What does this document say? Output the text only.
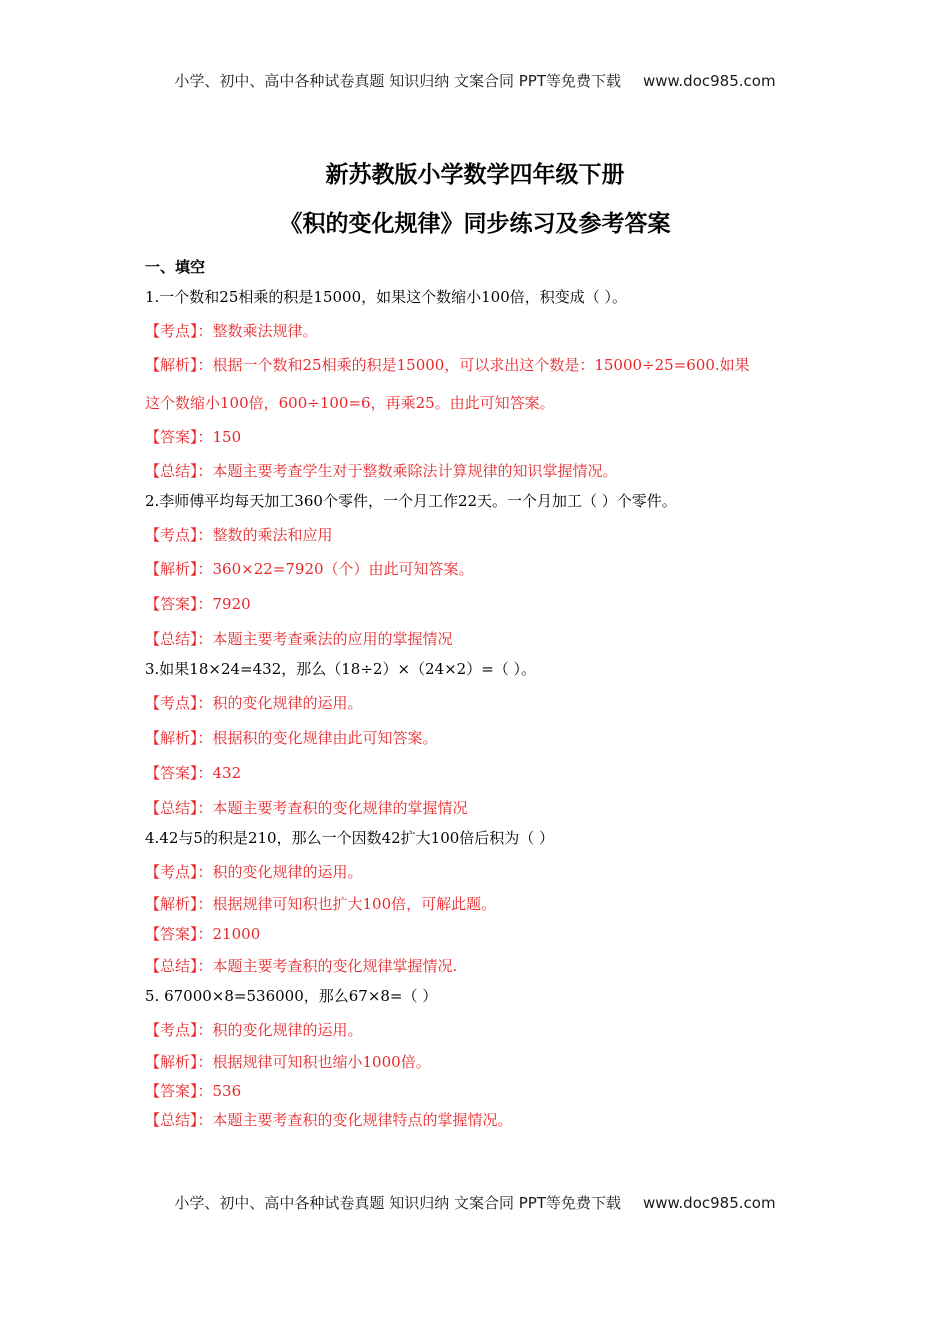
小学、初中、高中各种试卷真题 知识归纳 文案合同 PPT等免费下载 www.doc985.com
新苏教版小学数学四年级下册
《积的变化规律》同步练习及参考答案
一、填空
1.一个数和25相乘的积是15000，如果这个数缩小100倍，积变成（ ）。
【考点】：整数乘法规律。
【解析】：根据一个数和25相乘的积是15000，可以求出这个数是：15000÷25=600.如果
这个数缩小100倍，600÷100=6，再乘25。由此可知答案。
【答案】：150
【总结】：本题主要考查学生对于整数乘除法计算规律的知识掌握情况。
2.李师傅平均每天加工360个零件，一个月工作22天。一个月加工（ ）个零件。
【考点】：整数的乘法和应用
【解析】：360×22=7920（个）由此可知答案。
【答案】：7920
【总结】：本题主要考查乘法的应用的掌握情况
3.如果18×24=432，那么（18÷2）×（24×2）=（ ）。
【考点】：积的变化规律的运用。
【解析】：根据积的变化规律由此可知答案。
【答案】：432
【总结】：本题主要考查积的变化规律的掌握情况
4.42与5的积是210，那么一个因数42扩大100倍后积为（ ）
【考点】：积的变化规律的运用。
【解析】：根据规律可知积也扩大100倍，可解此题。
【答案】：21000
【总结】：本题主要考查积的变化规律掌握情况.
5. 67000×8=536000，那么67×8=（ ）
【考点】：积的变化规律的运用。
【解析】：根据规律可知积也缩小1000倍。
【答案】：536
【总结】：本题主要考查积的变化规律特点的掌握情况。
小学、初中、高中各种试卷真题 知识归纳 文案合同 PPT等免费下载 www.doc985.com
